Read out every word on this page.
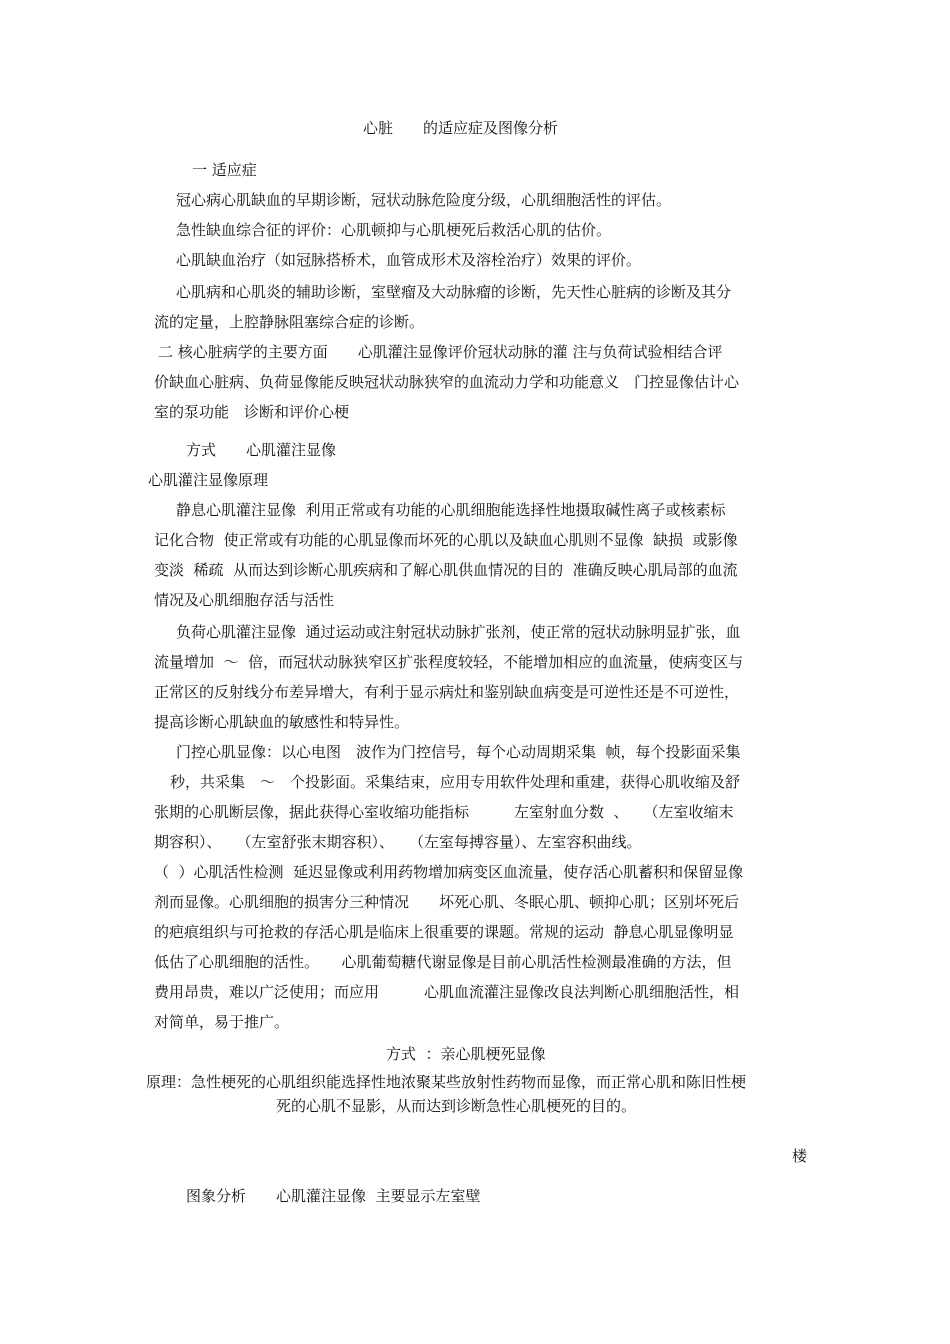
心脏　　的适应症及图像分析
一 适应症
冠心病心肌缺血的早期诊断，冠状动脉危险度分级，心肌细胞活性的评估。
急性缺血综合征的评价：心肌顿抑与心肌梗死后救活心肌的估价。
心肌缺血治疗（如冠脉搭桥术，血管成形术及溶栓治疗）效果的评价。
心肌病和心肌炎的辅助诊断，室壁瘤及大动脉瘤的诊断，先天性心脏病的诊断及其分
流的定量，上腔静脉阻塞综合症的诊断。
二 核心脏病学的主要方面　　心肌灌注显像评价冠状动脉的灌 注与负荷试验相结合评
价缺血心脏病、负荷显像能反映冠状动脉狭窄的血流动力学和功能意义　门控显像估计心
室的泵功能　诊断和评价心梗
方式　　心肌灌注显像
心肌灌注显像原理
静息心肌灌注显像  利用正常或有功能的心肌细胞能选择性地摄取碱性离子或核素标
记化合物  使正常或有功能的心肌显像而坏死的心肌以及缺血心肌则不显像  缺损  或影像
变淡  稀疏  从而达到诊断心肌疾病和了解心肌供血情况的目的  准确反映心肌局部的血流
情况及心肌细胞存活与活性
负荷心肌灌注显像  通过运动或注射冠状动脉扩张剂，使正常的冠状动脉明显扩张，血
流量增加  ～  倍，而冠状动脉狭窄区扩张程度较轻，不能增加相应的血流量，使病变区与
正常区的反射线分布差异增大，有利于显示病灶和鉴别缺血病变是可逆性还是不可逆性，
提高诊断心肌缺血的敏感性和特异性。
门控心肌显像：以心电图　波作为门控信号，每个心动周期采集  帧，每个投影面采集
秒，共采集　～　个投影面。采集结束，应用专用软件处理和重建，获得心肌收缩及舒
张期的心肌断层像，据此获得心室收缩功能指标　　　左室射血分数  、　　（左室收缩末
期容积）、　　（左室舒张末期容积）、　　（左室每搏容量）、左室容积曲线。
（  ）心肌活性检测  延迟显像或利用药物增加病变区血流量，使存活心肌蓄积和保留显像
剂而显像。心肌细胞的损害分三种情况　　坏死心肌、冬眠心肌、顿抑心肌；区别坏死后
的疤痕组织与可抢救的存活心肌是临床上很重要的课题。常规的运动  静息心肌显像明显
低估了心肌细胞的活性。　　心肌葡萄糖代谢显像是目前心肌活性检测最准确的方法，但
费用昂贵，难以广泛使用；而应用　　　心肌血流灌注显像改良法判断心肌细胞活性，相
对简单，易于推广。
方式  ：亲心肌梗死显像
原理：急性梗死的心肌组织能选择性地浓聚某些放射性药物而显像，而正常心肌和陈旧性梗
死的心肌不显影，从而达到诊断急性心肌梗死的目的。
楼
图象分析　　心肌灌注显像  主要显示左室壁
